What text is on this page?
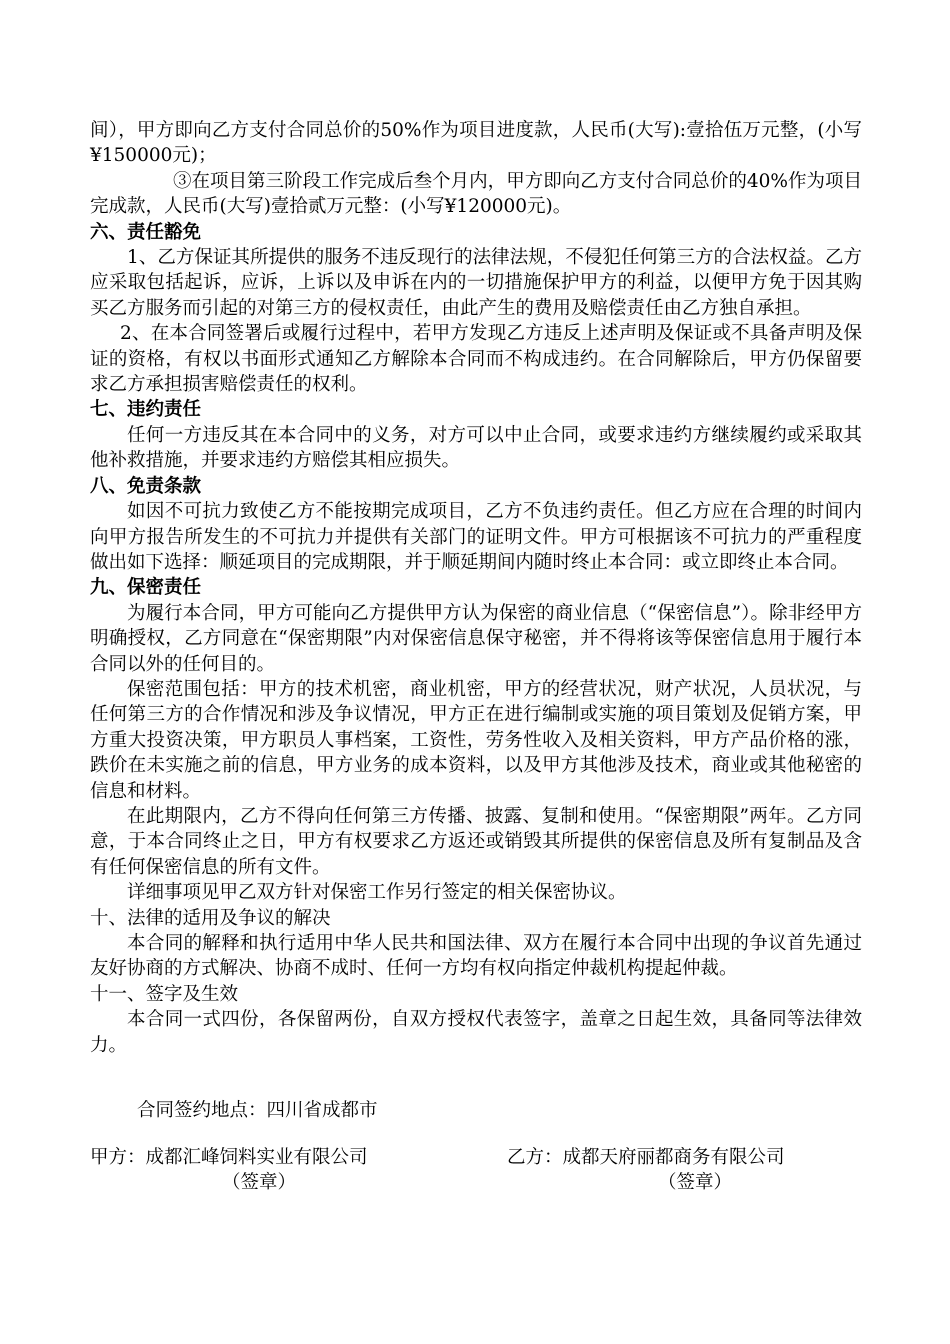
间），甲方即向乙方支付合同总价的50%作为项目进度款，人民币(大写):壹拾伍万元整，(小写¥150000元)；

③在项目第三阶段工作完成后叁个月内，甲方即向乙方支付合同总价的40%作为项目完成款，人民币(大写)壹拾贰万元整：(小写¥120000元)。

六、责任豁免

1、乙方保证其所提供的服务不违反现行的法律法规，不侵犯任何第三方的合法权益。乙方应采取包括起诉，应诉，上诉以及申诉在内的一切措施保护甲方的利益，以便甲方免于因其购买乙方服务而引起的对第三方的侵权责任，由此产生的费用及赔偿责任由乙方独自承担。

2、在本合同签署后或履行过程中，若甲方发现乙方违反上述声明及保证或不具备声明及保证的资格，有权以书面形式通知乙方解除本合同而不构成违约。在合同解除后，甲方仍保留要求乙方承担损害赔偿责任的权利。

七、违约责任

任何一方违反其在本合同中的义务，对方可以中止合同，或要求违约方继续履约或采取其他补救措施，并要求违约方赔偿其相应损失。

八、免责条款

如因不可抗力致使乙方不能按期完成项目，乙方不负违约责任。但乙方应在合理的时间内向甲方报告所发生的不可抗力并提供有关部门的证明文件。甲方可根据该不可抗力的严重程度做出如下选择：顺延项目的完成期限，并于顺延期间内随时终止本合同：或立即终止本合同。

九、保密责任

为履行本合同，甲方可能向乙方提供甲方认为保密的商业信息（“保密信息”）。除非经甲方明确授权，乙方同意在“保密期限”内对保密信息保守秘密，并不得将该等保密信息用于履行本合同以外的任何目的。

保密范围包括：甲方的技术机密，商业机密，甲方的经营状况，财产状况，人员状况，与任何第三方的合作情况和涉及争议情况，甲方正在进行编制或实施的项目策划及促销方案，甲方重大投资决策，甲方职员人事档案，工资性，劳务性收入及相关资料，甲方产品价格的涨，跌价在未实施之前的信息，甲方业务的成本资料，以及甲方其他涉及技术，商业或其他秘密的信息和材料。

在此期限内，乙方不得向任何第三方传播、披露、复制和使用。“保密期限”两年。乙方同意，于本合同终止之日，甲方有权要求乙方返还或销毁其所提供的保密信息及所有复制品及含有任何保密信息的所有文件。

详细事项见甲乙双方针对保密工作另行签定的相关保密协议。

十、法律的适用及争议的解决

本合同的解释和执行适用中华人民共和国法律、双方在履行本合同中出现的争议首先通过友好协商的方式解决、协商不成时、任何一方均有权向指定仲裁机构提起仲裁。

十一、签字及生效

本合同一式四份，各保留两份，自双方授权代表签字，盖章之日起生效，具备同等法律效力。

合同签约地点：四川省成都市

甲方：成都汇峰饲料实业有限公司	乙方：成都天府丽都商务有限公司
（签章）	（签章）
